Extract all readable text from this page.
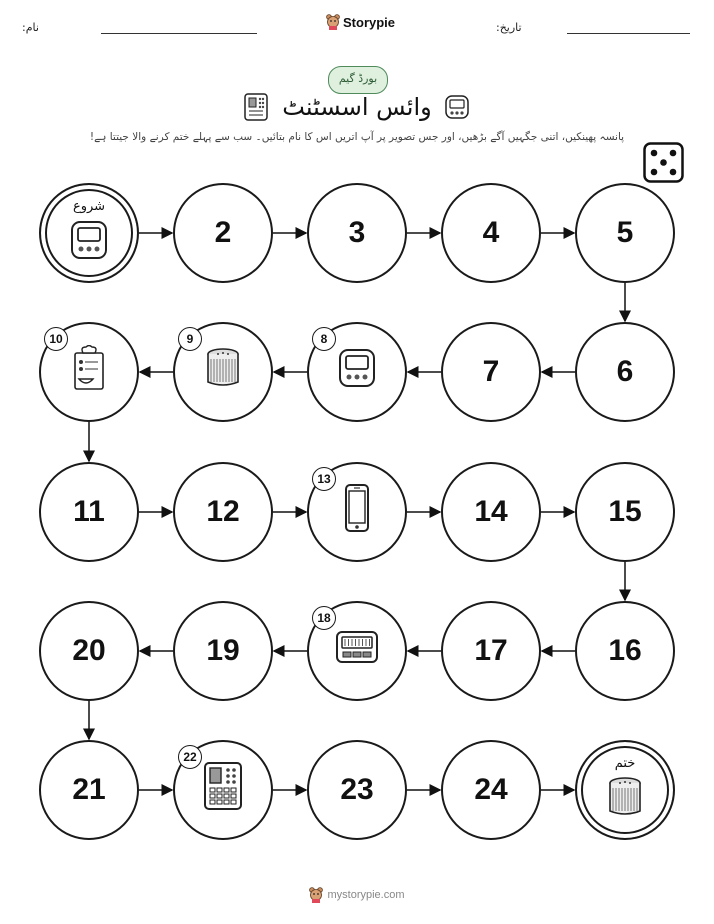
نام:	Storypie	تاریخ:
بورڈ گیم
وائس اسسٹنٹ
پانسہ پھینکیں، اتنی جگہیں آگے بڑھیں، اور جس تصویر پر آپ اتریں اس کا نام بتائیں۔ سب سے پہلے ختم کرنے والا جیتتا ہے!
شروع
2	3	4	5
6
7
8
9
10
11	12
13
14	15
16
17
18
19
20
21
22
23	24
ختم
mystorypie.com
